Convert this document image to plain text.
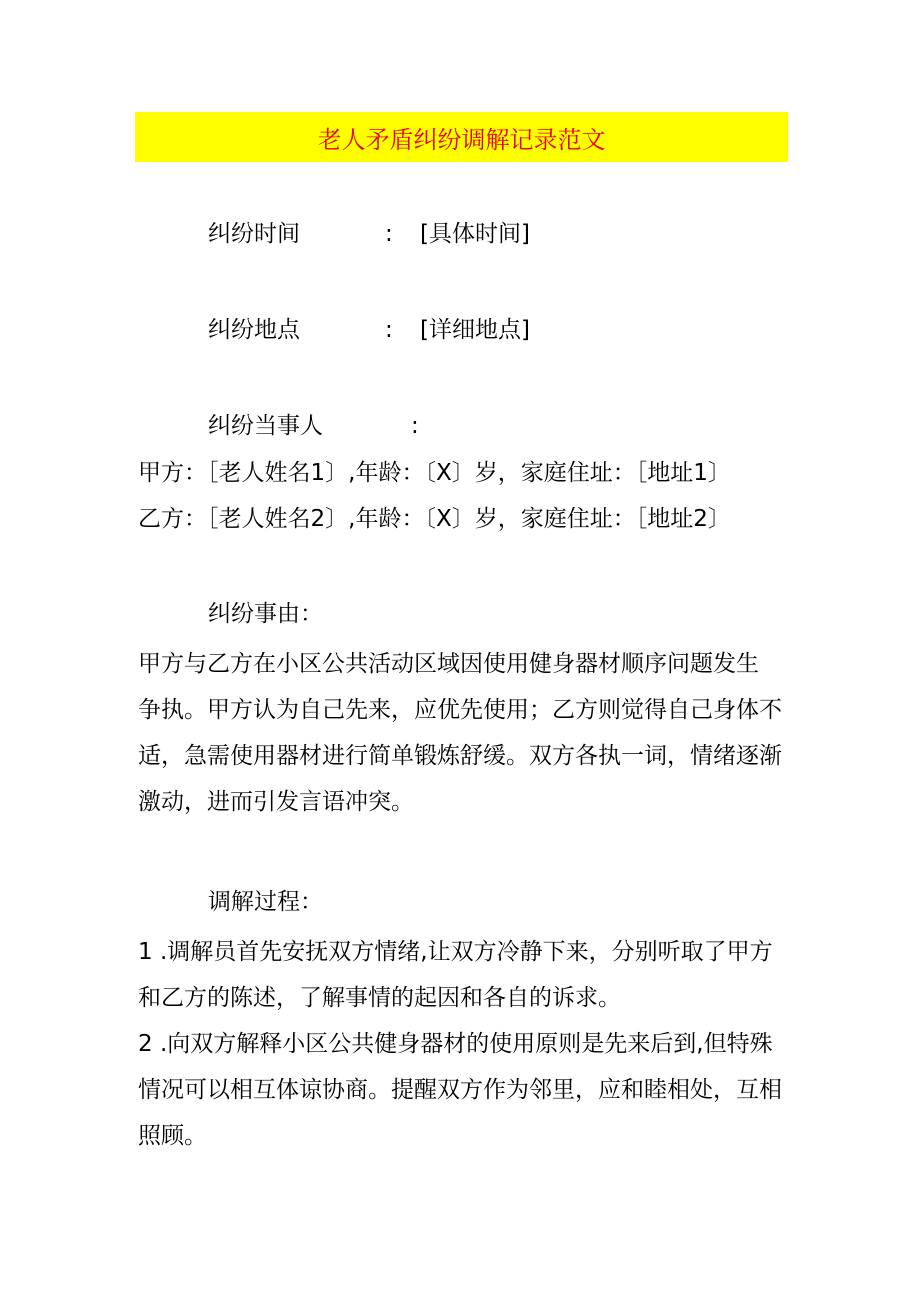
老人矛盾纠纷调解记录范文
纠纷时间	: [具体时间]
纠纷地点	: [详细地点]
纠纷当事人	:
甲方：［老人姓名1〕,年龄：〔X〕岁，家庭住址：［地址1〕
乙方：［老人姓名2〕,年龄：〔X〕岁，家庭住址：［地址2〕
纠纷事由：
甲方与乙方在小区公共活动区域因使用健身器材顺序问题发生
争执。甲方认为自己先来，应优先使用；乙方则觉得自己身体不
适，急需使用器材进行简单锻炼舒缓。双方各执一词，情绪逐渐
激动，进而引发言语冲突。
调解过程：
1 .调解员首先安抚双方情绪,让双方冷静下来，分别听取了甲方
和乙方的陈述，了解事情的起因和各自的诉求。
2 .向双方解释小区公共健身器材的使用原则是先来后到,但特殊
情况可以相互体谅协商。提醒双方作为邻里，应和睦相处，互相
照顾。
